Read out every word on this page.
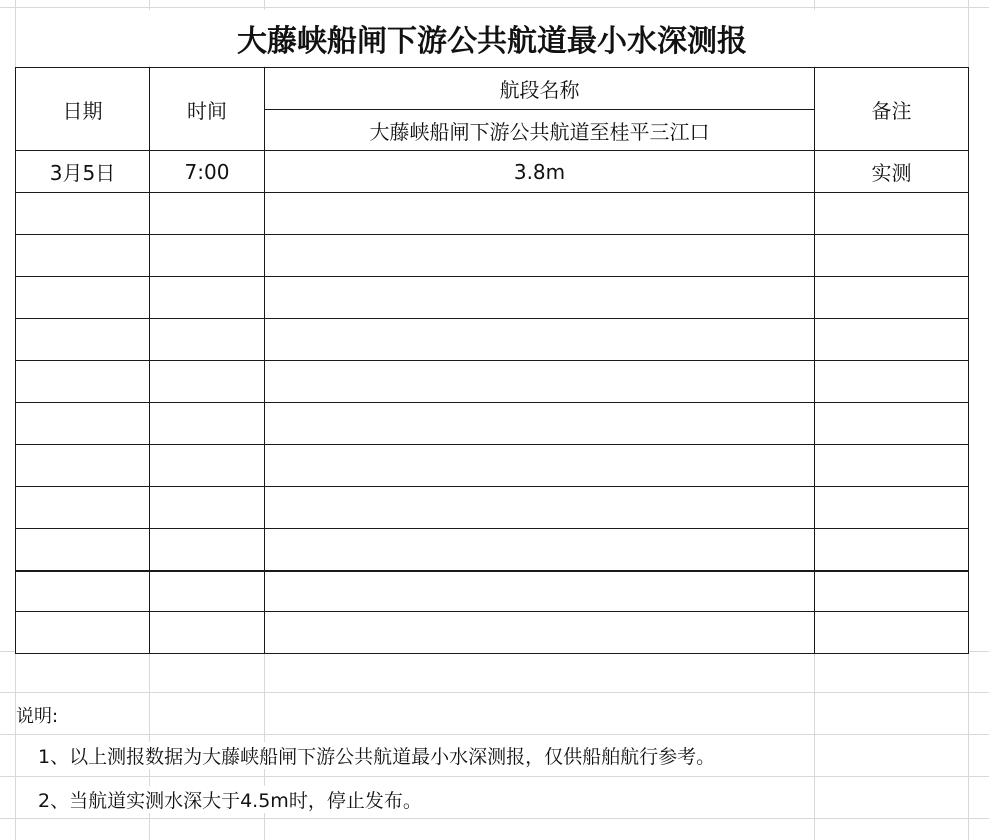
大藤峡船闸下游公共航道最小水深测报
日期	时间	航段名称	备注
		大藤峡船闸下游公共航道至桂平三江口	
3月5日	7:00	3.8m	实测

说明:
1、以上测报数据为大藤峡船闸下游公共航道最小水深测报，仅供船舶航行参考。
2、当航道实测水深大于4.5m时，停止发布。
